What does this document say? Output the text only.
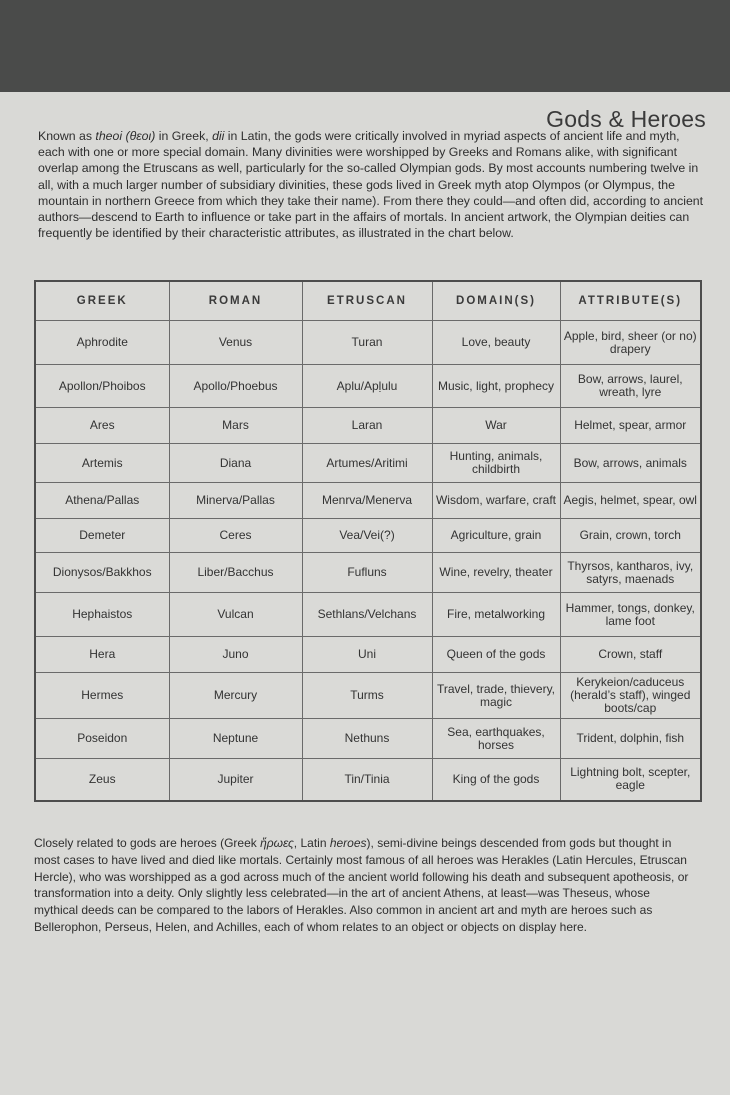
Gods & Heroes
Known as theoi (θεοι) in Greek, dii in Latin, the gods were critically involved in myriad aspects of ancient life and myth, each with one or more special domain. Many divinities were worshipped by Greeks and Romans alike, with significant overlap among the Etruscans as well, particularly for the so-called Olympian gods. By most accounts numbering twelve in all, with a much larger number of subsidiary divinities, these gods lived in Greek myth atop Olympos (or Olympus, the mountain in northern Greece from which they take their name). From there they could—and often did, according to ancient authors—descend to Earth to influence or take part in the affairs of mortals. In ancient artwork, the Olympian deities can frequently be identified by their characteristic attributes, as illustrated in the chart below.
GREEK	ROMAN	ETRUSCAN	DOMAIN(S)	ATTRIBUTE(S)
Aphrodite	Venus	Turan	Love, beauty	Apple, bird, sheer (or no) drapery
Apollon/Phoibos	Apollo/Phoebus	Aplu/Apḷulu	Music, light, prophecy	Bow, arrows, laurel, wreath, lyre
Ares	Mars	Laran	War	Helmet, spear, armor
Artemis	Diana	Artumes/Aritimi	Hunting, animals, childbirth	Bow, arrows, animals
Athena/Pallas	Minerva/Pallas	Menrva/Menerva	Wisdom, warfare, craft	Aegis, helmet, spear, owl
Demeter	Ceres	Vea/Vei(?)	Agriculture, grain	Grain, crown, torch
Dionysos/Bakkhos	Liber/Bacchus	Fufluns	Wine, revelry, theater	Thyrsos, kantharos, ivy, satyrs, maenads
Hephaistos	Vulcan	Sethlans/Velchans	Fire, metalworking	Hammer, tongs, donkey, lame foot
Hera	Juno	Uni	Queen of the gods	Crown, staff
Hermes	Mercury	Turms	Travel, trade, thievery, magic	Kerykeion/caduceus (herald’s staff), winged boots/cap
Poseidon	Neptune	Nethuns	Sea, earthquakes, horses	Trident, dolphin, fish
Zeus	Jupiter	Tin/Tinia	King of the gods	Lightning bolt, scepter, eagle
Closely related to gods are heroes (Greek ἥρωες, Latin heroes), semi-divine beings descended from gods but thought in most cases to have lived and died like mortals. Certainly most famous of all heroes was Herakles (Latin Hercules, Etruscan Hercle), who was worshipped as a god across much of the ancient world following his death and subsequent apotheosis, or transformation into a deity. Only slightly less celebrated—in the art of ancient Athens, at least—was Theseus, whose mythical deeds can be compared to the labors of Herakles. Also common in ancient art and myth are heroes such as Bellerophon, Perseus, Helen, and Achilles, each of whom relates to an object or objects on display here.
